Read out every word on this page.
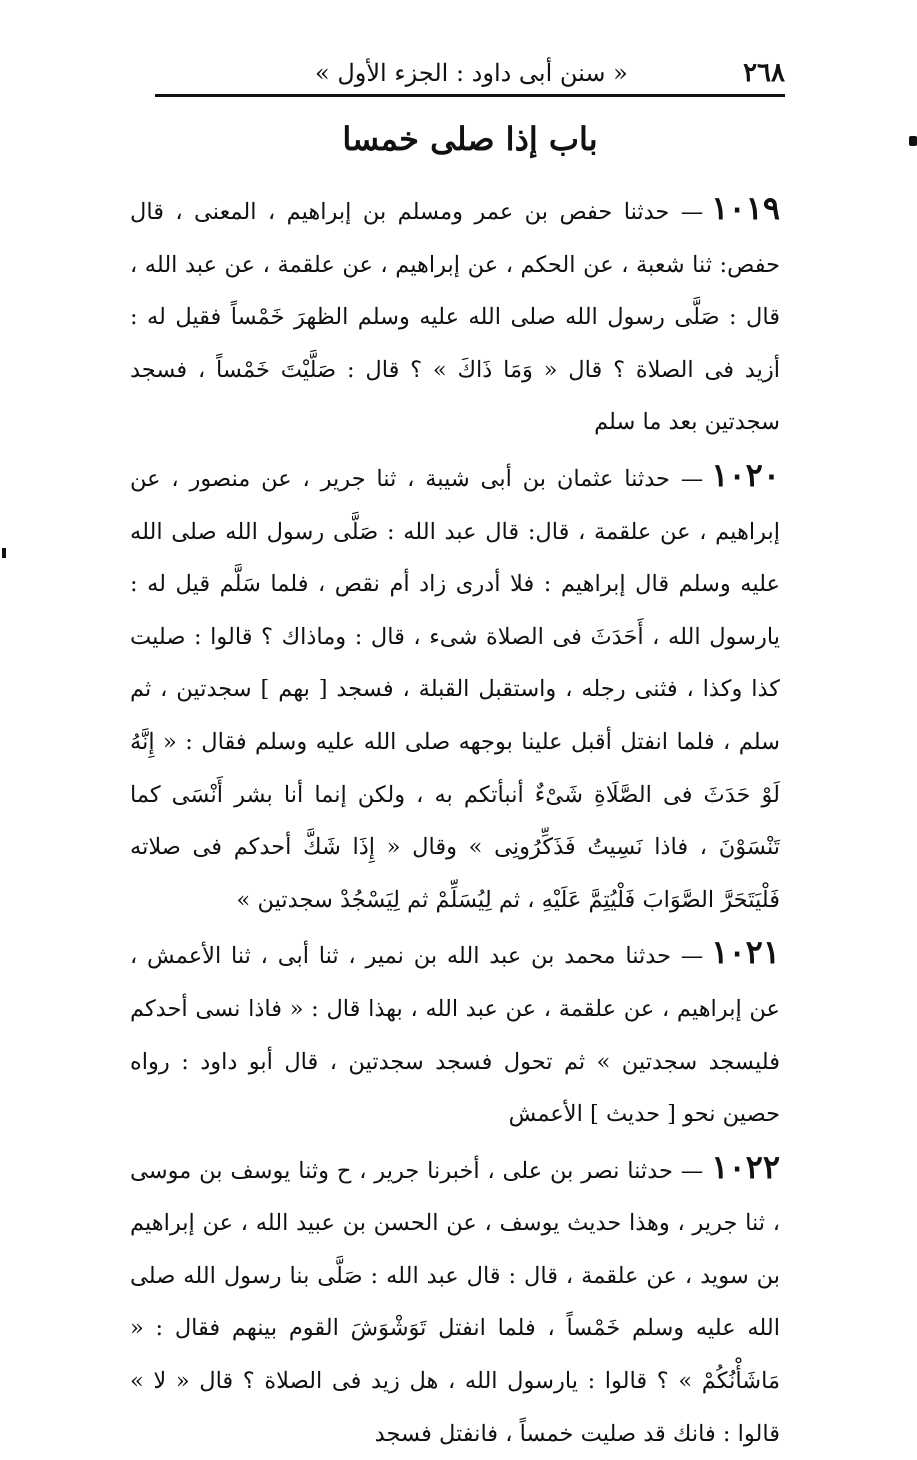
٢٦٨
« سنن أبى داود : الجزء الأول »
باب إذا صلى خمسا

١٠١٩— حدثنا حفص بن عمر ومسلم بن إبراهيم ، المعنى ، قال حفص: ثنا شعبة ، عن الحكم ، عن إبراهيم ، عن علقمة ، عن عبد الله ، قال : صَلَّى رسول الله صلى الله عليه وسلم الظهرَ خَمْساً فقيل له : أزيد فى الصلاة ؟ قال « وَمَا ذَاكَ » ؟ قال : صَلَّيْتَ خَمْساً ، فسجد سجدتين بعد ما سلم

١٠٢٠— حدثنا عثمان بن أبى شيبة ، ثنا جرير ، عن منصور ، عن إبراهيم ، عن علقمة ، قال: قال عبد الله : صَلَّى رسول الله صلى الله عليه وسلم قال إبراهيم : فلا أدرى زاد أم نقص ، فلما سَلَّم قيل له : يارسول الله ، أَحَدَثَ فى الصلاة شىء ، قال : وماذاك ؟ قالوا : صليت كذا وكذا ، فثنى رجله ، واستقبل القبلة ، فسجد [ بهم ] سجدتين ، ثم سلم ، فلما انفتل أقبل علينا بوجهه صلى الله عليه وسلم فقال : « إِنَّهُ لَوْ حَدَثَ فى الصَّلَاةِ شَىْءٌ أنبأتكم به ، ولكن إنما أنا بشر أَنْسَى كما تَنْسَوْنَ ، فاذا نَسِيتُ فَذَكِّرُونِى » وقال « إِذَا شَكَّ أحدكم فى صلاته فَلْيَتَحَرَّ الصَّوَابَ فَلْيُتِمَّ عَلَيْهِ ، ثم لِيُسَلِّمْ ثم لِيَسْجُدْ سجدتين »

١٠٢١— حدثنا محمد بن عبد الله بن نمير ، ثنا أبى ، ثنا الأعمش ، عن إبراهيم ، عن علقمة ، عن عبد الله ، بهذا قال : « فاذا نسى أحدكم فليسجد سجدتين » ثم تحول فسجد سجدتين ، قال أبو داود : رواه حصين نحو [ حديث ] الأعمش

١٠٢٢— حدثنا نصر بن على ، أخبرنا جرير ، ح وثنا يوسف بن موسى ، ثنا جرير ، وهذا حديث يوسف ، عن الحسن بن عبيد الله ، عن إبراهيم بن سويد ، عن علقمة ، قال : قال عبد الله : صَلَّى بنا رسول الله صلى الله عليه وسلم خَمْساً ، فلما انفتل تَوَشْوَشَ القوم بينهم فقال : « مَاشَأْنُكُمْ » ؟ قالوا : يارسول الله ، هل زيد فى الصلاة ؟ قال « لا » قالوا : فانك قد صليت خمساً ، فانفتل فسجد
